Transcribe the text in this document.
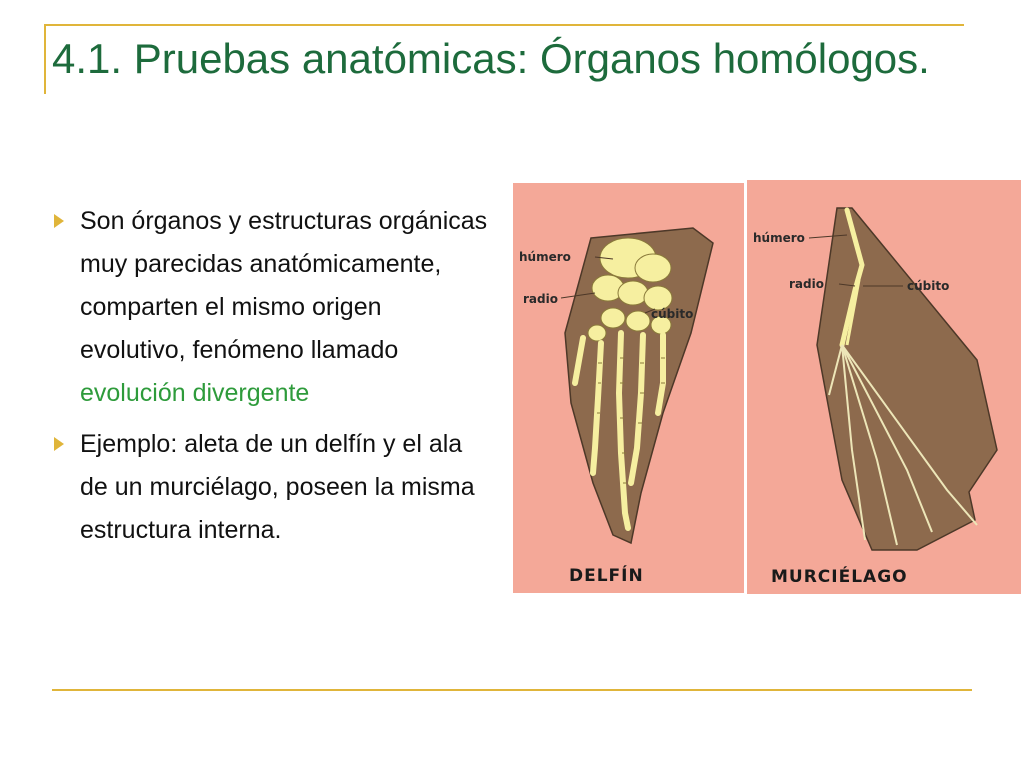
4.1. Pruebas anatómicas: Órganos homólogos.
Son órganos y estructuras orgánicas muy parecidas anatómicamente, comparten el mismo origen evolutivo, fenómeno llamado evolución divergente
Ejemplo: aleta de un delfín y el ala de un murciélago, poseen la misma estructura interna.
húmero
radio
cúbito
DELFÍN
húmero
radio	cúbito
MURCIÉLAGO
